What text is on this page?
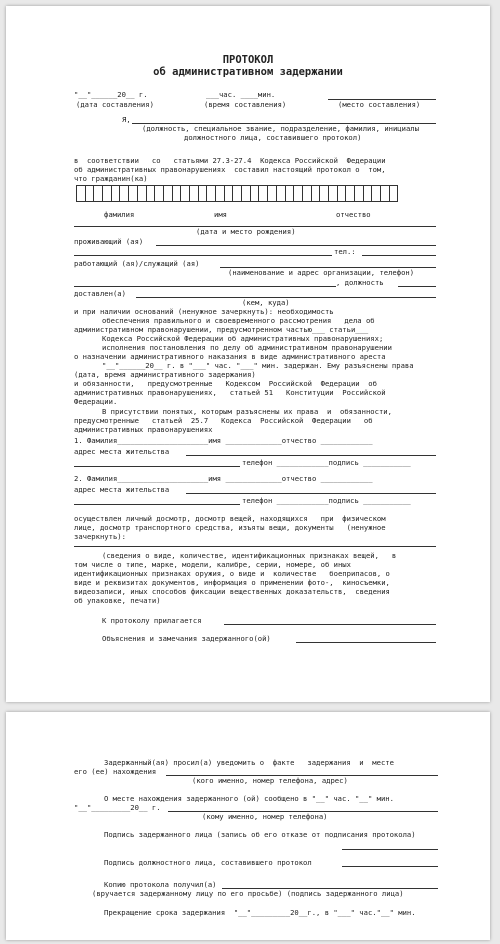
ПРОТОКОЛ
об административном задержании
"__"______20__ г.	___час. ____мин.
(дата составления)	(время составления)	(место составления)
Я,
(должность, специальное звание, подразделение, фамилия, инициалы
должностного лица, составившего протокол)
в  соответствии   со   статьями 27.3-27.4  Кодекса Российской  Федерации
об административных правонарушениях  составил настоящий протокол о  том,
что гражданин(ка)
фамилия	имя	отчество
(дата и место рождения)
проживающий (ая)
тел.:
работающий (ая)/служащий (ая)
(наименование и адрес организации, телефон)
, должность
доставлен(а)
(кем, куда)
и при наличии оснований (ненужное зачеркнуть): необходимость
обеспечения правильного и своевременного рассмотрения   дела об
административном правонарушении, предусмотренном частью___ статьи___
Кодекса Российской Федерации об административных правонарушениях;
исполнения постановления по делу об административном правонарушении
о назначении административного наказания в виде административного ареста
"__"______20__ г. в "___" час. "___" мин. задержан. Ему разъяснены права
(дата, время административного задержания)
и обязанности,   предусмотренные   Кодексом  Российской  Федерации  об
административных правонарушениях,   статьей 51   Конституции  Российской
Федерации.
В присутствии понятых, которым разъяснены их права  и  обязанности,
предусмотренные   статьей  25.7   Кодекса  Российской  Федерации   об
административных правонарушениях
1. Фамилия_____________________имя _____________отчество ____________
адрес места жительства
телефон ____________подпись ___________
2. Фамилия_____________________имя _____________отчество ____________
адрес места жительства
телефон ____________подпись ___________
осуществлен личный досмотр, досмотр вещей, находящихся   при  физическом
лице, досмотр транспортного средства, изъяты вещи, документы   (ненужное
зачеркнуть):
(сведения о виде, количестве, идентификационных признаках вещей,   в
том числе о типе, марке, модели, калибре, серии, номере, об иных
идентификационных признаках оружия, о виде и  количестве   боеприпасов, о
виде и реквизитах документов, информация о применении фото-,  киносъемки,
видеозаписи, иных способов фиксации вещественных доказательств,  сведения
об упаковке, печати)
К протоколу прилагается
Объяснения и замечания задержанного(ой)
Задержанный(ая) просил(а) уведомить о  факте   задержания  и  месте
его (ее) нахождения
(кого именно, номер телефона, адрес)
О месте нахождения задержанного (ой) сообщено в "__" час. "__" мин.
"__"_________20__ г.
(кому именно, номер телефона)
Подпись задержанного лица (запись об его отказе от подписания протокола)
Подпись должностного лица, составившего протокол
Копию протокола получил(а)
(вручается задержанному лицу по его просьбе) (подпись задержанного лица)
Прекращение срока задержания  "__"_________20__г., в "___" час."__" мин.
